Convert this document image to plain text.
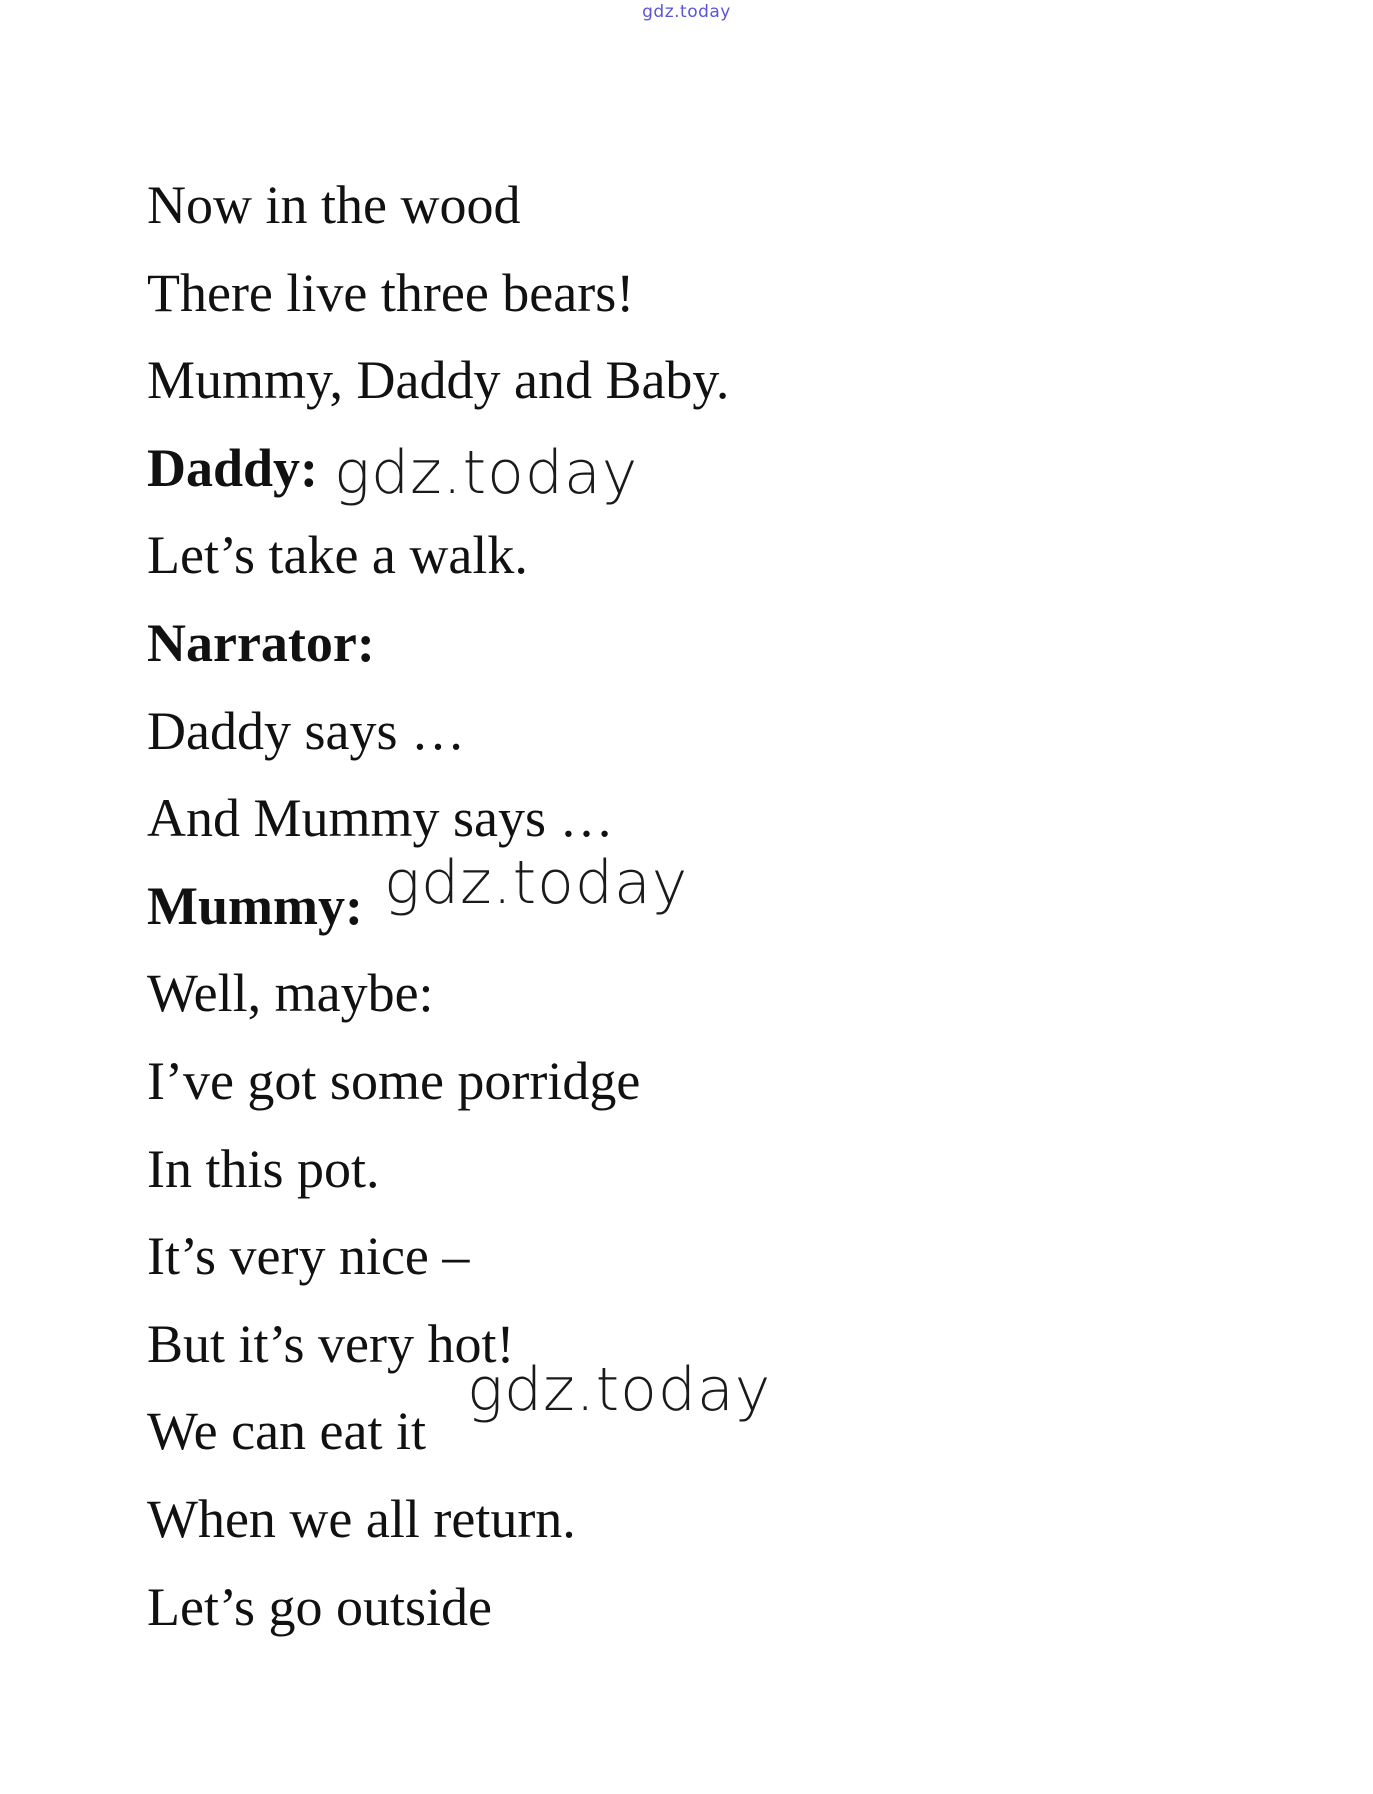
gdz.today
Now in the wood
There live three bears!
Mummy, Daddy and Baby.
Daddy:
Let’s take a walk.
Narrator:
Daddy says …
And Mummy says …
Mummy:
Well, maybe:
I’ve got some porridge
In this pot.
It’s very nice –
But it’s very hot!
We can eat it
When we all return.
Let’s go outside
gdz.today
gdz.today
gdz.today
